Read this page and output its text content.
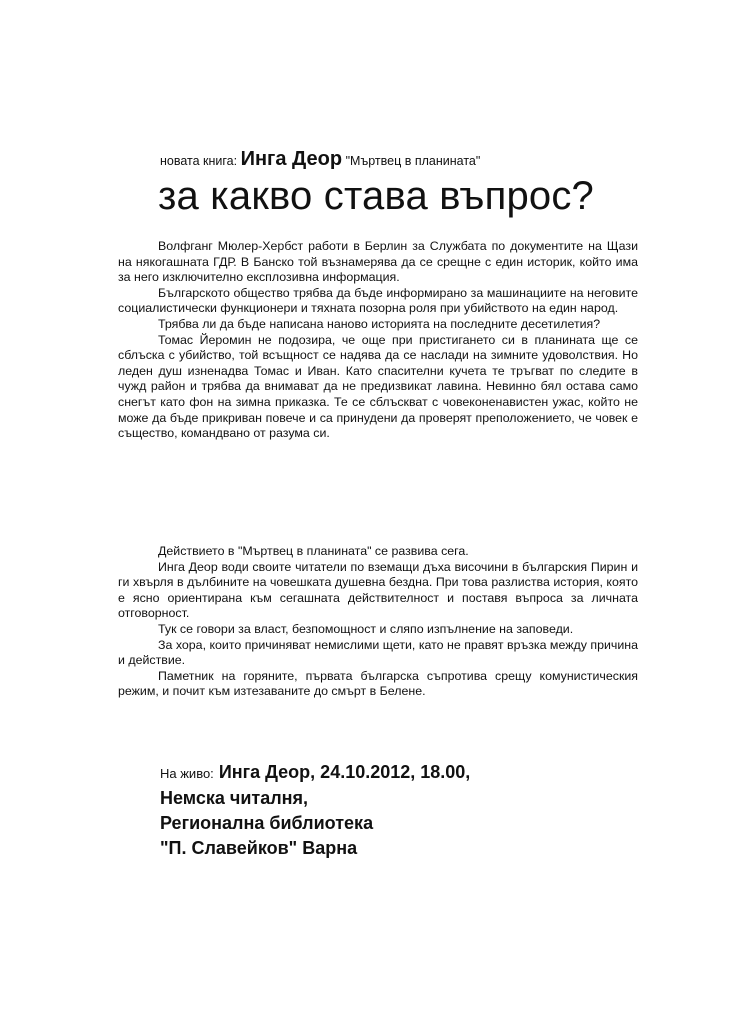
новата книга: Инга Деор "Мъртвец в планината"
за какво става въпрос?

Волфганг Мюлер-Хербст работи в Берлин за Службата по документите на Щази на някогашната ГДР. В Банско той възнамерява да се срещне с един историк, който има за него изключително експлозивна информация.

Българското общество трябва да бъде информирано за машинациите на неговите социалистически функционери и тяхната позорна роля при убийството на един народ.

Трябва ли да бъде написана наново историята на последните десетилетия?

Томас Йеромин не подозира, че още при пристигането си в планината ще се сблъска с убийство, той всъщност се надява да се наслади на зимните удоволствия. Но леден душ изненадва Томас и Иван. Като спасителни кучета те тръгват по следите в чужд район и трябва да внимават да не предизвикат лавина. Невинно бял остава само снегът като фон на зимна приказка. Те се сблъскват с човеконенавистен ужас, който не може да бъде прикриван повече и са принудени да проверят преположението, че човек е същество, командвано от разума си.

Действието в "Мъртвец в планината" се развива сега.

Инга Деор води своите читатели по вземащи дъха височини в българския Пирин и ги хвърля в дълбините на човешката душевна бездна. При това разлиства история, която е ясно ориентирана към сегашната действителност и поставя въпроса за личната отговорност.

Тук се говори за власт, безпомощност и сляпо изпълнение на заповеди.

За хора, които причиняват немислими щети, като не правят връзка между причина и действие.

Паметник на горяните, първата българска съпротива срещу комунистическия режим, и почит към изтезаваните до смърт в Белене.

На живо: Инга Деор, 24.10.2012, 18.00,
Немска читалня,
Регионална библиотека
"П. Славейков" Варна
